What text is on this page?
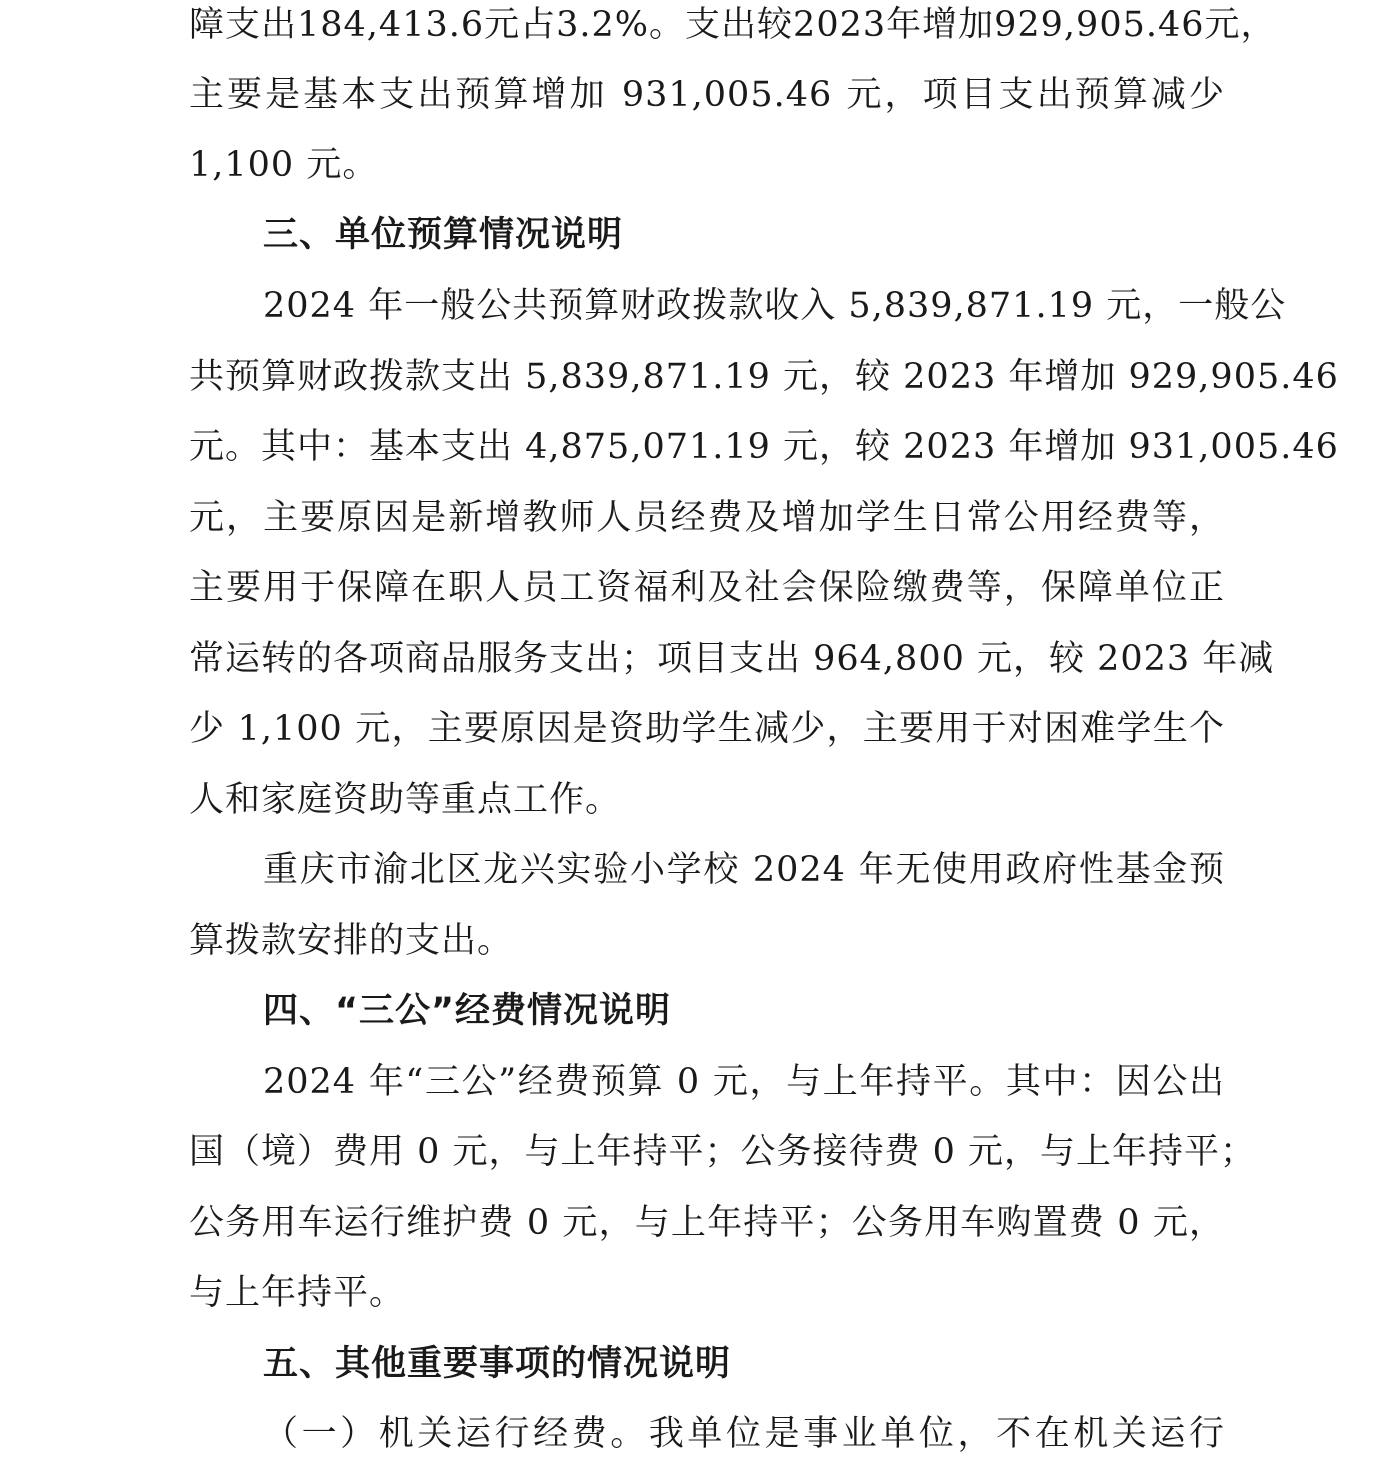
障支出184,413.6元占3.2%。支出较2023年增加929,905.46元，
主要是基本支出预算增加 931,005.46 元，项目支出预算减少
1,100 元。
三、单位预算情况说明
2024 年一般公共预算财政拨款收入 5,839,871.19 元，一般公
共预算财政拨款支出 5,839,871.19 元，较 2023 年增加 929,905.46
元。其中：基本支出 4,875,071.19 元，较 2023 年增加 931,005.46
元，主要原因是新增教师人员经费及增加学生日常公用经费等，
主要用于保障在职人员工资福利及社会保险缴费等，保障单位正
常运转的各项商品服务支出；项目支出 964,800 元，较 2023 年减
少 1,100 元，主要原因是资助学生减少，主要用于对困难学生个
人和家庭资助等重点工作。
重庆市渝北区龙兴实验小学校 2024 年无使用政府性基金预
算拨款安排的支出。
四、“三公”经费情况说明
2024 年“三公”经费预算 0 元，与上年持平。其中：因公出
国（境）费用 0 元，与上年持平；公务接待费 0 元，与上年持平；
公务用车运行维护费 0 元，与上年持平；公务用车购置费 0 元，
与上年持平。
五、其他重要事项的情况说明
（一）机关运行经费。我单位是事业单位，不在机关运行
